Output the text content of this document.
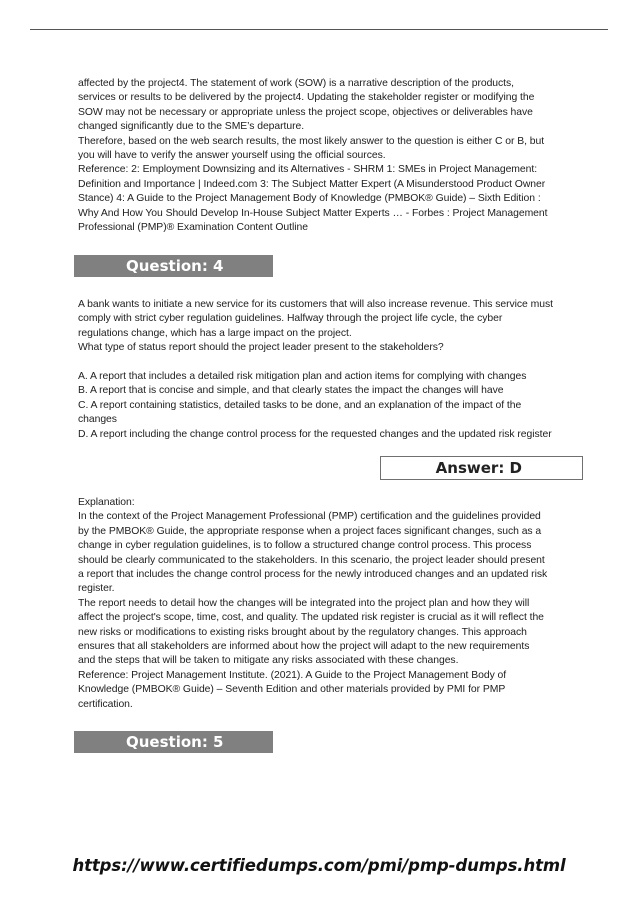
affected by the project4. The statement of work (SOW) is a narrative description of the products,

services or results to be delivered by the project4. Updating the stakeholder register or modifying the

SOW may not be necessary or appropriate unless the project scope, objectives or deliverables have

changed significantly due to the SME’s departure.

Therefore, based on the web search results, the most likely answer to the question is either C or B, but

you will have to verify the answer yourself using the official sources.

Reference: 2: Employment Downsizing and its Alternatives - SHRM 1: SMEs in Project Management:

Definition and Importance | Indeed.com 3: The Subject Matter Expert (A Misunderstood Product Owner

Stance) 4: A Guide to the Project Management Body of Knowledge (PMBOK® Guide) – Sixth Edition :

Why And How You Should Develop In-House Subject Matter Experts … - Forbes : Project Management

Professional (PMP)® Examination Content Outline

Question: 4

A bank wants to initiate a new service for its customers that will also increase revenue. This service must

comply with strict cyber regulation guidelines. Halfway through the project life cycle, the cyber

regulations change, which has a large impact on the project.

What type of status report should the project leader present to the stakeholders?

A. A report that includes a detailed risk mitigation plan and action items for complying with changes

B. A report that is concise and simple, and that clearly states the impact the changes will have

C. A report containing statistics, detailed tasks to be done, and an explanation of the impact of the

changes

D. A report including the change control process for the requested changes and the updated risk register

Answer: D

Explanation:

In the context of the Project Management Professional (PMP) certification and the guidelines provided

by the PMBOK® Guide, the appropriate response when a project faces significant changes, such as a

change in cyber regulation guidelines, is to follow a structured change control process. This process

should be clearly communicated to the stakeholders. In this scenario, the project leader should present

a report that includes the change control process for the newly introduced changes and an updated risk

register.

The report needs to detail how the changes will be integrated into the project plan and how they will

affect the project's scope, time, cost, and quality. The updated risk register is crucial as it will reflect the

new risks or modifications to existing risks brought about by the regulatory changes. This approach

ensures that all stakeholders are informed about how the project will adapt to the new requirements

and the steps that will be taken to mitigate any risks associated with these changes.

Reference: Project Management Institute. (2021). A Guide to the Project Management Body of

Knowledge (PMBOK® Guide) – Seventh Edition and other materials provided by PMI for PMP

certification.

Question: 5
https://www.certifiedumps.com/pmi/pmp-dumps.html
